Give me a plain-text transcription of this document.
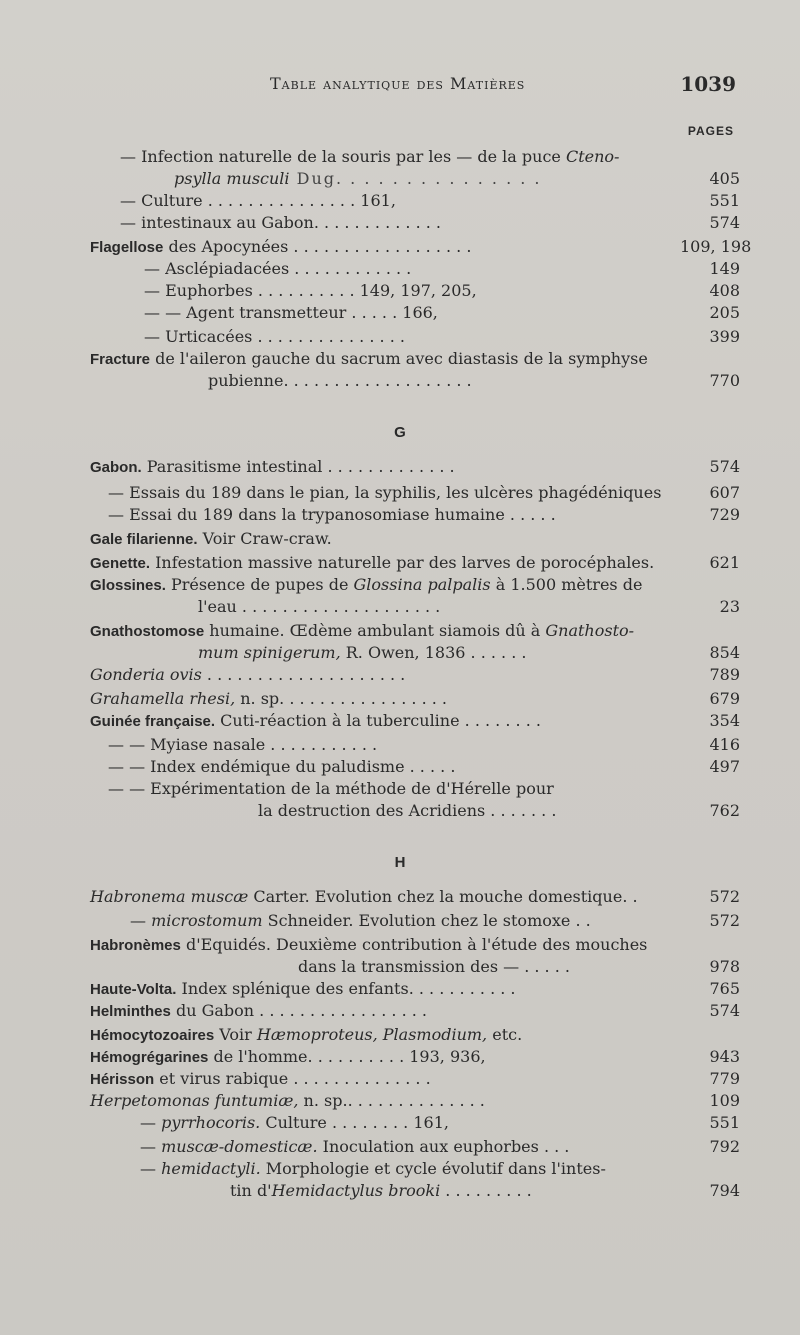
Table analytique des Matières	1039
PAGES
G
H
— Infection naturelle de la souris par les — de la puce Cteno-
psylla musculi Dug. . . . . . . . . . . . . . .	405
— Culture . . . . . . . . . . . . . . . 161,	551
— intestinaux au Gabon. . . . . . . . . . . . .	574
Flagellose des Apocynées . . . . . . . . . . . . . . . . . .	109, 198
— Asclépiadacées . . . . . . . . . . . .	149
— Euphorbes . . . . . . . . . . 149, 197, 205,	408
— — Agent transmetteur . . . . . 166,	205
— Urticacées . . . . . . . . . . . . . . .	399
Fracture de l'aileron gauche du sacrum avec diastasis de la symphyse
pubienne. . . . . . . . . . . . . . . . . . .	770
Gabon. Parasitisme intestinal . . . . . . . . . . . . .	574
— Essais du 189 dans le pian, la syphilis, les ulcères phagédéniques	607
— Essai du 189 dans la trypanosomiase humaine . . . . .	729
Gale filarienne. Voir Craw-craw.
Genette. Infestation massive naturelle par des larves de porocéphales.	621
Glossines. Présence de pupes de Glossina palpalis à 1.500 mètres de
l'eau . . . . . . . . . . . . . . . . . . . .	23
Gnathostomose humaine. Œdème ambulant siamois dû à Gnathosto-
mum spinigerum, R. Owen, 1836 . . . . . .	854
Gonderia ovis . . . . . . . . . . . . . . . . . . . .	789
Grahamella rhesi, n. sp. . . . . . . . . . . . . . . . .	679
Guinée française. Cuti-réaction à la tuberculine . . . . . . . .	354
— — Myiase nasale . . . . . . . . . . .	416
— — Index endémique du paludisme . . . . .	497
— — Expérimentation de la méthode de d'Hérelle pour
la destruction des Acridiens . . . . . . .	762
Habronema muscæ Carter. Evolution chez la mouche domestique. .	572
— microstomum Schneider. Evolution chez le stomoxe . .	572
Habronèmes d'Equidés. Deuxième contribution à l'étude des mouches
dans la transmission des — . . . . .	978
Haute-Volta. Index splénique des enfants. . . . . . . . . . .	765
Helminthes du Gabon . . . . . . . . . . . . . . . . .	574
Hémocytozoaires Voir Hæmoproteus, Plasmodium, etc.
Hémogrégarines de l'homme. . . . . . . . . . 193, 936,	943
Hérisson et virus rabique . . . . . . . . . . . . . .	779
Herpetomonas funtumiæ, n. sp.. . . . . . . . . . . . . .	109
— pyrrhocoris. Culture . . . . . . . . 161,	551
— muscæ-domesticæ. Inoculation aux euphorbes . . .	792
— hemidactyli. Morphologie et cycle évolutif dans l'intes-
tin d'Hemidactylus brooki . . . . . . . . .	794
